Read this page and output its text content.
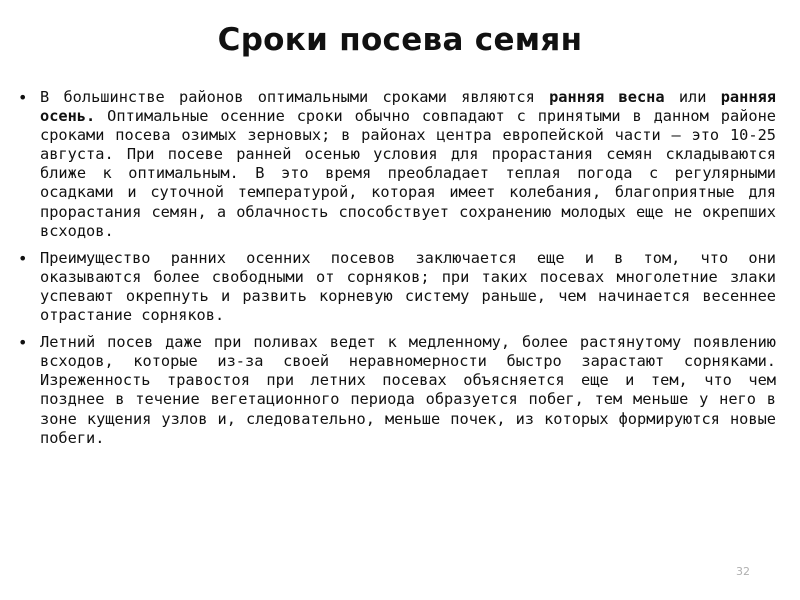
Сроки посева семян
• В большинстве районов оптимальными сроками являются ранняя весна или ранняя осень. Оптимальные осенние сроки обычно совпадают с принятыми в данном районе сроками посева озимых зерновых; в районах центра европейской части — это 10-25 августа. При посеве ранней осенью условия для прорастания семян складываются ближе к оптимальным. В это время преобладает теплая погода с регулярными осадками и суточной температурой, которая имеет колебания, благоприятные для прорастания семян, а облачность способствует сохранению молодых еще не окрепших всходов.
• Преимущество ранних осенних посевов заключается еще и в том, что они оказываются более свободными от сорняков; при таких посевах многолетние злаки успевают окрепнуть и развить корневую систему раньше, чем начинается весеннее отрастание сорняков.
• Летний посев даже при поливах ведет к медленному, более растянутому появлению всходов, которые из-за своей неравномерности быстро зарастают сорняками. Изреженность травостоя при летних посевах объясняется еще и тем, что чем позднее в течение вегетационного периода образуется побег, тем меньше у него в зоне кущения узлов и, следовательно, меньше почек, из которых формируются новые побеги.
32
